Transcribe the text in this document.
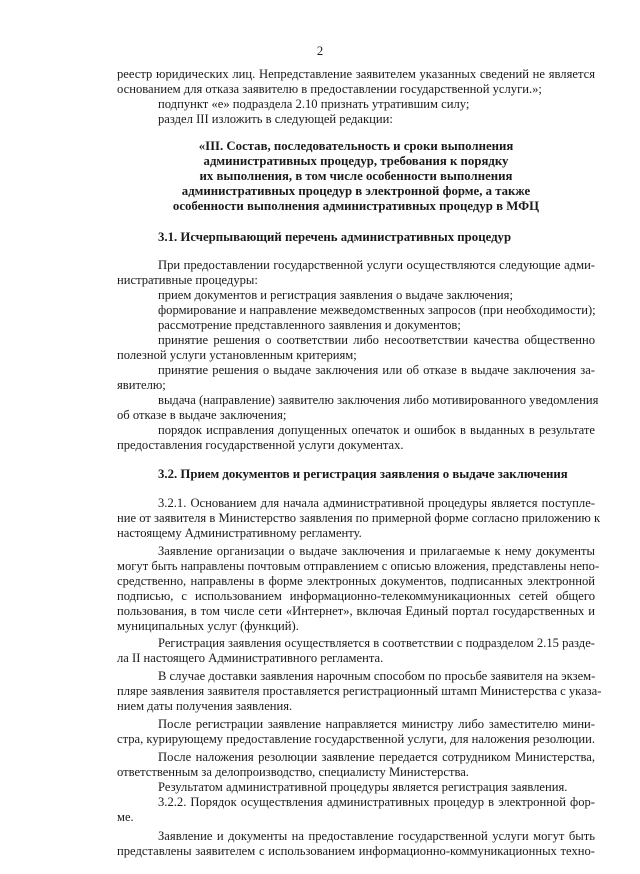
2
реестр юридических лиц. Непредставление заявителем указанных сведений не является
основанием для отказа заявителю в предоставлении государственной услуги.»;
подпункт «е» подраздела 2.10 признать утратившим силу;
раздел III изложить в следующей редакции:
«III. Состав, последовательность и сроки выполнения
административных процедур, требования к порядку
их выполнения, в том числе особенности выполнения
административных процедур в электронной форме, а также
особенности выполнения административных процедур в МФЦ
3.1. Исчерпывающий перечень административных процедур
При предоставлении государственной услуги осуществляются следующие адми-
нистративные процедуры:
прием документов и регистрация заявления о выдаче заключения;
формирование и направление межведомственных запросов (при необходимости);
рассмотрение представленного заявления и документов;
принятие решения о соответствии либо несоответствии качества общественно
полезной услуги установленным критериям;
принятие решения о выдаче заключения или об отказе в выдаче заключения за-
явителю;
выдача (направление) заявителю заключения либо мотивированного уведомления
об отказе в выдаче заключения;
порядок исправления допущенных опечаток и ошибок в выданных в результате
предоставления государственной услуги документах.
3.2. Прием документов и регистрация заявления о выдаче заключения
3.2.1. Основанием для начала административной процедуры является поступле-
ние от заявителя в Министерство заявления по примерной форме согласно приложению к
настоящему Административному регламенту.
Заявление организации о выдаче заключения и прилагаемые к нему документы
могут быть направлены почтовым отправлением с описью вложения, представлены непо-
средственно, направлены в форме электронных документов, подписанных электронной
подписью, с использованием информационно-телекоммуникационных сетей общего
пользования, в том числе сети «Интернет», включая Единый портал государственных и
муниципальных услуг (функций).
Регистрация заявления осуществляется в соответствии с подразделом 2.15 разде-
ла II настоящего Административного регламента.
В случае доставки заявления нарочным способом по просьбе заявителя на экзем-
пляре заявления заявителя проставляется регистрационный штамп Министерства с указа-
нием даты получения заявления.
После регистрации заявление направляется министру либо заместителю мини-
стра, курирующему предоставление государственной услуги, для наложения резолюции.
После наложения резолюции заявление передается сотрудником Министерства,
ответственным за делопроизводство, специалисту Министерства.
Результатом административной процедуры является регистрация заявления.
3.2.2. Порядок осуществления административных процедур в электронной фор-
ме.
Заявление и документы на предоставление государственной услуги могут быть
представлены заявителем с использованием информационно-коммуникационных техно-
